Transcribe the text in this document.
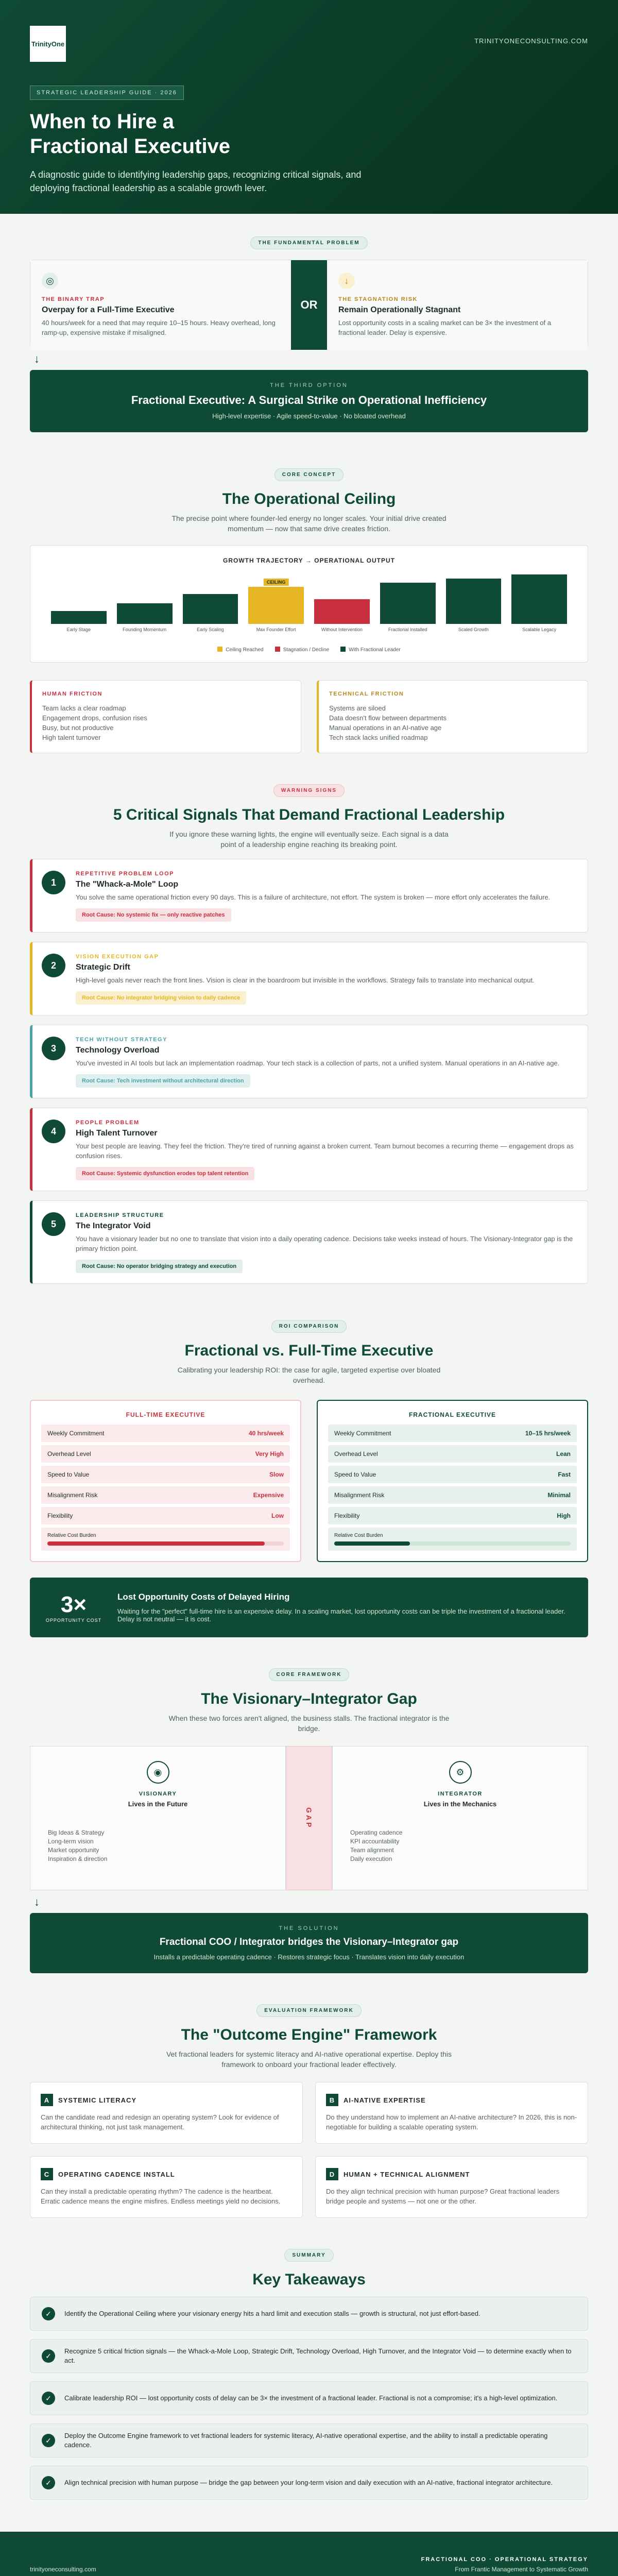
TrinityOne	TRINITYONECONSULTING.COM
STRATEGIC LEADERSHIP GUIDE · 2026
When to Hire a Fractional Executive

A diagnostic guide to identifying leadership gaps, recognizing critical signals, and deploying fractional leadership as a scalable growth lever.

THE FUNDAMENTAL PROBLEM
◎
THE BINARY TRAP
Overpay for a Full-Time Executive
40 hours/week for a need that may require 10–15 hours. Heavy overhead, long ramp-up, expensive mistake if misaligned.
OR
↓
THE STAGNATION RISK
Remain Operationally Stagnant
Lost opportunity costs in a scaling market can be 3× the investment of a fractional leader. Delay is expensive.
↓
THE THIRD OPTION
Fractional Executive: A Surgical Strike on Operational Inefficiency
High-level expertise · Agile speed-to-value · No bloated overhead
CORE CONCEPT
The Operational Ceiling
The precise point where founder-led energy no longer scales. Your initial drive created momentum — now that same drive creates friction.
GROWTH TRAJECTORY → OPERATIONAL OUTPUT
Early Stage	Founding Momentum	Early Scaling
CEILING
Max Founder Effort	Without Intervention	Fractional Installed	Scaled Growth	Scalable Legacy
Ceiling Reached	Stagnation / Decline	With Fractional Leader
HUMAN FRICTION
Team lacks a clear roadmap
Engagement drops, confusion rises
Busy, but not productive
High talent turnover
TECHNICAL FRICTION
Systems are siloed
Data doesn't flow between departments
Manual operations in an AI-native age
Tech stack lacks unified roadmap
WARNING SIGNS
5 Critical Signals That Demand Fractional Leadership
If you ignore these warning lights, the engine will eventually seize. Each signal is a data point of a leadership engine reaching its breaking point.
1
REPETITIVE PROBLEM LOOP
The "Whack-a-Mole" Loop
You solve the same operational friction every 90 days. This is a failure of architecture, not effort. The system is broken — more effort only accelerates the failure.
Root Cause: No systemic fix — only reactive patches
2
VISION EXECUTION GAP
Strategic Drift
High-level goals never reach the front lines. Vision is clear in the boardroom but invisible in the workflows. Strategy fails to translate into mechanical output.
Root Cause: No integrator bridging vision to daily cadence
3
TECH WITHOUT STRATEGY
Technology Overload
You've invested in AI tools but lack an implementation roadmap. Your tech stack is a collection of parts, not a unified system. Manual operations in an AI-native age.
Root Cause: Tech investment without architectural direction
4
PEOPLE PROBLEM
High Talent Turnover
Your best people are leaving. They feel the friction. They're tired of running against a broken current. Team burnout becomes a recurring theme — engagement drops as confusion rises.
Root Cause: Systemic dysfunction erodes top talent retention
5
LEADERSHIP STRUCTURE
The Integrator Void
You have a visionary leader but no one to translate that vision into a daily operating cadence. Decisions take weeks instead of hours. The Visionary-Integrator gap is the primary friction point.
Root Cause: No operator bridging strategy and execution
ROI COMPARISON
Fractional vs. Full-Time Executive
Calibrating your leadership ROI: the case for agile, targeted expertise over bloated overhead.
FULL-TIME EXECUTIVE
Weekly Commitment	40 hrs/week
Overhead Level	Very High
Speed to Value	Slow
Misalignment Risk	Expensive
Flexibility	Low
Relative Cost Burden
FRACTIONAL EXECUTIVE
Weekly Commitment	10–15 hrs/week
Overhead Level	Lean
Speed to Value	Fast
Misalignment Risk	Minimal
Flexibility	High
Relative Cost Burden
3×
OPPORTUNITY COST
Lost Opportunity Costs of Delayed Hiring
Waiting for the "perfect" full-time hire is an expensive delay. In a scaling market, lost opportunity costs can be triple the investment of a fractional leader. Delay is not neutral — it is cost.
CORE FRAMEWORK
The Visionary–Integrator Gap
When these two forces aren't aligned, the business stalls. The fractional integrator is the bridge.
◉
VISIONARY
Lives in the Future
Big Ideas & Strategy
Long-term vision
Market opportunity
Inspiration & direction
GAP
⚙
INTEGRATOR
Lives in the Mechanics
Operating cadence
KPI accountability
Team alignment
Daily execution
↓
THE SOLUTION
Fractional COO / Integrator bridges the Visionary–Integrator gap
Installs a predictable operating cadence · Restores strategic focus · Translates vision into daily execution
EVALUATION FRAMEWORK
The "Outcome Engine" Framework
Vet fractional leaders for systemic literacy and AI-native operational expertise. Deploy this framework to onboard your fractional leader effectively.
A	SYSTEMIC LITERACY
Can the candidate read and redesign an operating system? Look for evidence of architectural thinking, not just task management.
B	AI-NATIVE EXPERTISE
Do they understand how to implement an AI-native architecture? In 2026, this is non-negotiable for building a scalable operating system.
C	OPERATING CADENCE INSTALL
Can they install a predictable operating rhythm? The cadence is the heartbeat. Erratic cadence means the engine misfires. Endless meetings yield no decisions.
D	HUMAN + TECHNICAL ALIGNMENT
Do they align technical precision with human purpose? Great fractional leaders bridge people and systems — not one or the other.
SUMMARY
Key Takeaways
✓	Identify the Operational Ceiling where your visionary energy hits a hard limit and execution stalls — growth is structural, not just effort-based.
✓
Recognize 5 critical friction signals — the Whack-a-Mole Loop, Strategic Drift, Technology Overload, High Turnover, and the Integrator Void — to determine exactly when to act.
✓	Calibrate leadership ROI — lost opportunity costs of delay can be 3× the investment of a fractional leader. Fractional is not a compromise; it's a high-level optimization.
✓
Deploy the Outcome Engine framework to vet fractional leaders for systemic literacy, AI-native operational expertise, and the ability to install a predictable operating cadence.
✓	Align technical precision with human purpose — bridge the gap between your long-term vision and daily execution with an AI-native, fractional integrator architecture.
trinityoneconsulting.com
FRACTIONAL COO · OPERATIONAL STRATEGY
From Frantic Management to Systematic Growth
